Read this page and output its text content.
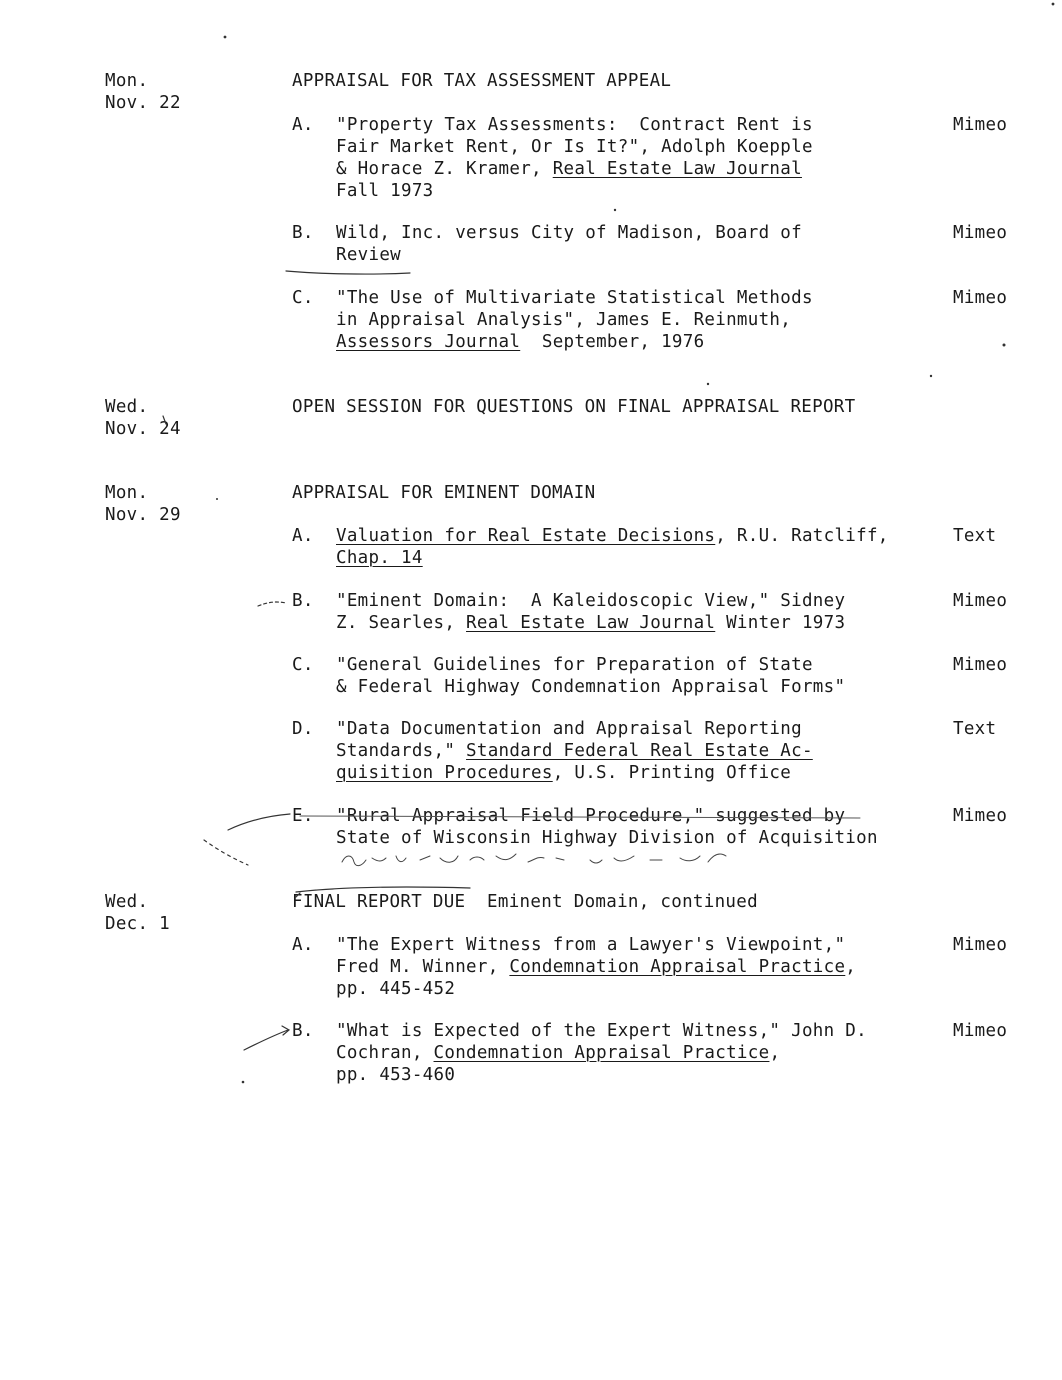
Mon.
Nov. 22
APPRAISAL FOR TAX ASSESSMENT APPEAL
A. "Property Tax Assessments:  Contract Rent is
Fair Market Rent, Or Is It?", Adolph Koepple
& Horace Z. Kramer, Real Estate Law Journal
Fall 1973
Mimeo
B. Wild, Inc. versus City of Madison, Board of
Review
Mimeo
C. "The Use of Multivariate Statistical Methods
in Appraisal Analysis", James E. Reinmuth,
Assessors Journal  September, 1976
Mimeo
Wed.
Nov. 24
OPEN SESSION FOR QUESTIONS ON FINAL APPRAISAL REPORT
Mon.
Nov. 29
APPRAISAL FOR EMINENT DOMAIN
A. Valuation for Real Estate Decisions, R.U. Ratcliff,
Chap. 14
Text
B. "Eminent Domain:  A Kaleidoscopic View," Sidney
Z. Searles, Real Estate Law Journal Winter 1973
Mimeo
C. "General Guidelines for Preparation of State
& Federal Highway Condemnation Appraisal Forms"
Mimeo
D. "Data Documentation and Appraisal Reporting
Standards," Standard Federal Real Estate Ac-
quisition Procedures, U.S. Printing Office
Text
E. "Rural Appraisal Field Procedure," suggested by
State of Wisconsin Highway Division of Acquisition
Mimeo
Wed.
Dec. 1
FINAL REPORT DUE  Eminent Domain, continued
A. "The Expert Witness from a Lawyer's Viewpoint,"
Fred M. Winner, Condemnation Appraisal Practice,
pp. 445-452
Mimeo
B. "What is Expected of the Expert Witness," John D.
Cochran, Condemnation Appraisal Practice,
pp. 453-460
Mimeo
